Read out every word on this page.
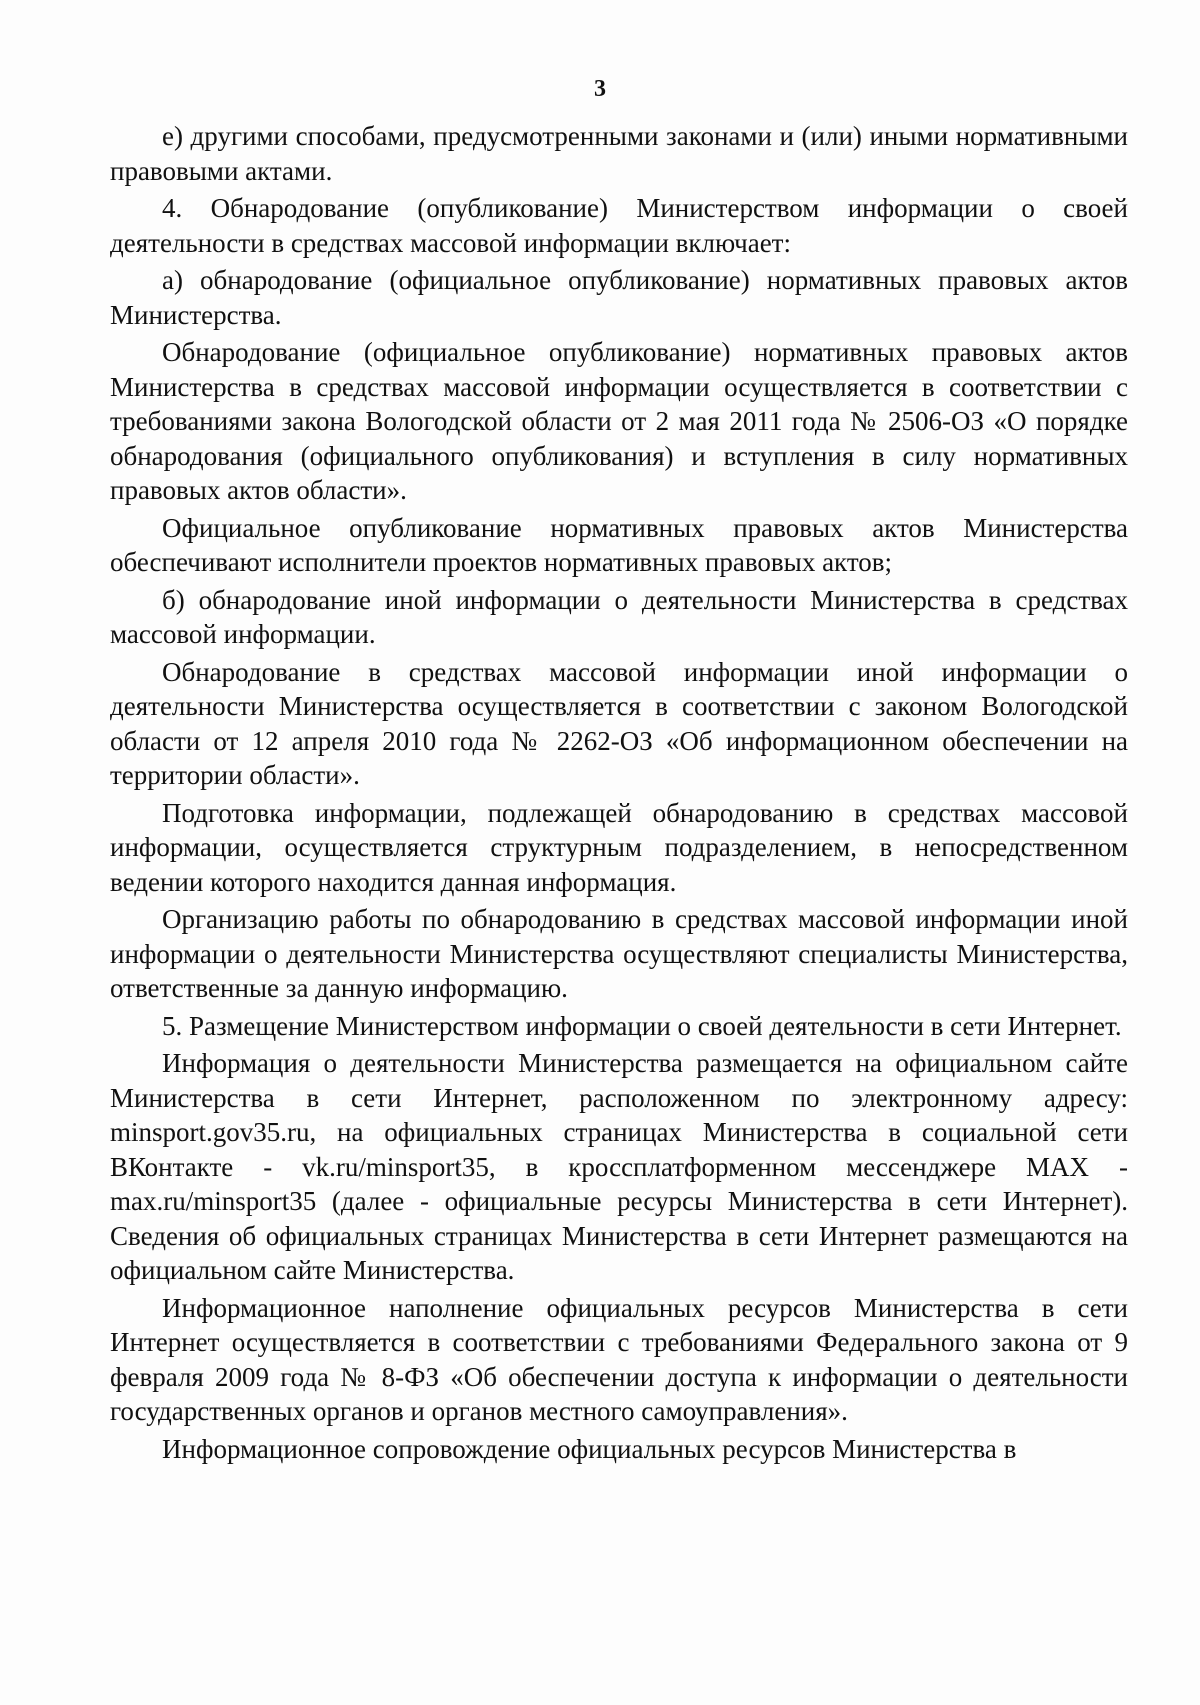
3

е) другими способами, предусмотренными законами и (или) иными нормативными правовыми актами.

4. Обнародование (опубликование) Министерством информации о своей деятельности в средствах массовой информации включает:

а) обнародование (официальное опубликование) нормативных правовых актов Министерства.

Обнародование (официальное опубликование) нормативных правовых актов Министерства в средствах массовой информации осуществляется в соответствии с требованиями закона Вологодской области от 2 мая 2011 года № 2506-ОЗ «О порядке обнародования (официального опубликования) и вступления в силу нормативных правовых актов области».

Официальное опубликование нормативных правовых актов Министерства обеспечивают исполнители проектов нормативных правовых актов;

б) обнародование иной информации о деятельности Министерства в средствах массовой информации.

Обнародование в средствах массовой информации иной информации о деятельности Министерства осуществляется в соответствии с законом Вологодской области от 12 апреля 2010 года № 2262-ОЗ «Об информационном обеспечении на территории области».

Подготовка информации, подлежащей обнародованию в средствах массовой информации, осуществляется структурным подразделением, в непосредственном ведении которого находится данная информация.

Организацию работы по обнародованию в средствах массовой информации иной информации о деятельности Министерства осуществляют специалисты Министерства, ответственные за данную информацию.

5. Размещение Министерством информации о своей деятельности в сети Интернет.

Информация о деятельности Министерства размещается на официальном сайте Министерства в сети Интернет, расположенном по электронному адресу: minsport.gov35.ru, на официальных страницах Министерства в социальной сети ВКонтакте - vk.ru/minsport35, в кроссплатформенном мессенджере MAX - max.ru/minsport35 (далее - официальные ресурсы Министерства в сети Интернет). Сведения об официальных страницах Министерства в сети Интернет размещаются на официальном сайте Министерства.

Информационное наполнение официальных ресурсов Министерства в сети Интернет осуществляется в соответствии с требованиями Федерального закона от 9 февраля 2009 года № 8-ФЗ «Об обеспечении доступа к информации о деятельности государственных органов и органов местного самоуправления».

Информационное сопровождение официальных ресурсов Министерства в
